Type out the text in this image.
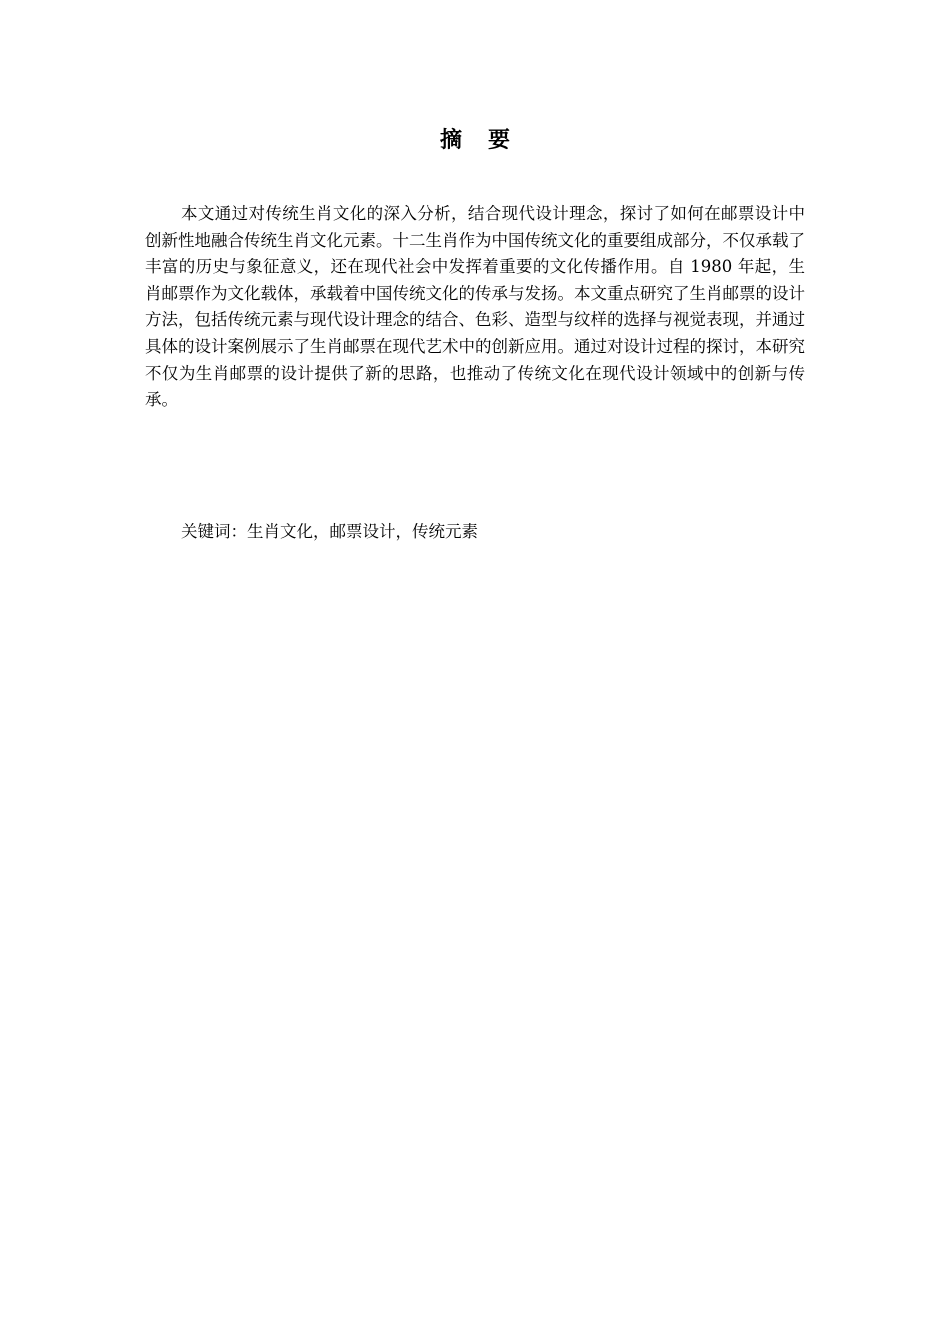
摘 要

本文通过对传统生肖文化的深入分析，结合现代设计理念，探讨了如何在邮票设计中创新性地融合传统生肖文化元素。十二生肖作为中国传统文化的重要组成部分，不仅承载了丰富的历史与象征意义，还在现代社会中发挥着重要的文化传播作用。自 1980 年起，生肖邮票作为文化载体，承载着中国传统文化的传承与发扬。本文重点研究了生肖邮票的设计方法，包括传统元素与现代设计理念的结合、色彩、造型与纹样的选择与视觉表现，并通过具体的设计案例展示了生肖邮票在现代艺术中的创新应用。通过对设计过程的探讨，本研究不仅为生肖邮票的设计提供了新的思路，也推动了传统文化在现代设计领域中的创新与传承。

关键词：生肖文化，邮票设计，传统元素
